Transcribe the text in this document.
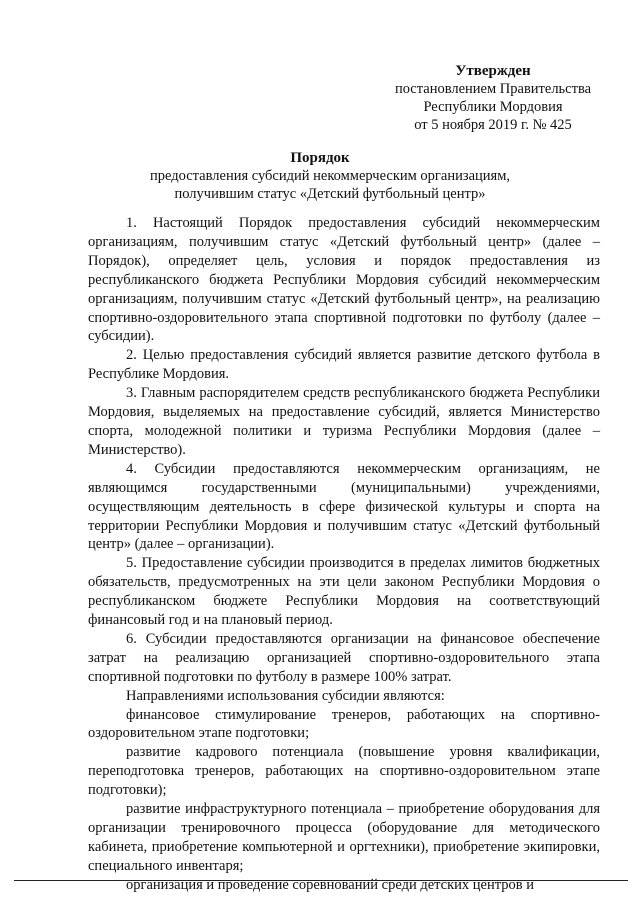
Утвержден
постановлением Правительства
Республики Мордовия
от 5 ноября 2019 г. № 425
Порядок
предоставления субсидий некоммерческим организациям, получившим статус «Детский футбольный центр»

1. Настоящий Порядок предоставления субсидий некоммерческим организациям, получившим статус «Детский футбольный центр» (далее – Порядок), определяет цель, условия и порядок предоставления из республиканского бюджета Республики Мордовия субсидий некоммерческим организациям, получившим статус «Детский футбольный центр», на реализацию спортивно-оздоровительного этапа спортивной подготовки по футболу (далее – субсидии).

2. Целью предоставления субсидий является развитие детского футбола в Республике Мордовия.

3. Главным распорядителем средств республиканского бюджета Республики Мордовия, выделяемых на предоставление субсидий, является Министерство спорта, молодежной политики и туризма Республики Мордовия (далее – Министерство).

4. Субсидии предоставляются некоммерческим организациям, не являющимся государственными (муниципальными) учреждениями, осуществляющим деятельность в сфере физической культуры и спорта на территории Республики Мордовия и получившим статус «Детский футбольный центр» (далее – организации).

5. Предоставление субсидии производится в пределах лимитов бюджетных обязательств, предусмотренных на эти цели законом Республики Мордовия о республиканском бюджете Республики Мордовия на соответствующий финансовый год и на плановый период.

6. Субсидии предоставляются организации на финансовое обеспечение затрат на реализацию организацией спортивно-оздоровительного этапа спортивной подготовки по футболу в размере 100% затрат.

Направлениями использования субсидии являются:

финансовое стимулирование тренеров, работающих на спортивно-оздоровительном этапе подготовки;

развитие кадрового потенциала (повышение уровня квалификации, переподготовка тренеров, работающих на спортивно-оздоровительном этапе подготовки);

развитие инфраструктурного потенциала – приобретение оборудования для организации тренировочного процесса (оборудование для методического кабинета, приобретение компьютерной и оргтехники), приобретение экипировки, специального инвентаря;

организация и проведение соревнований среди детских центров и
